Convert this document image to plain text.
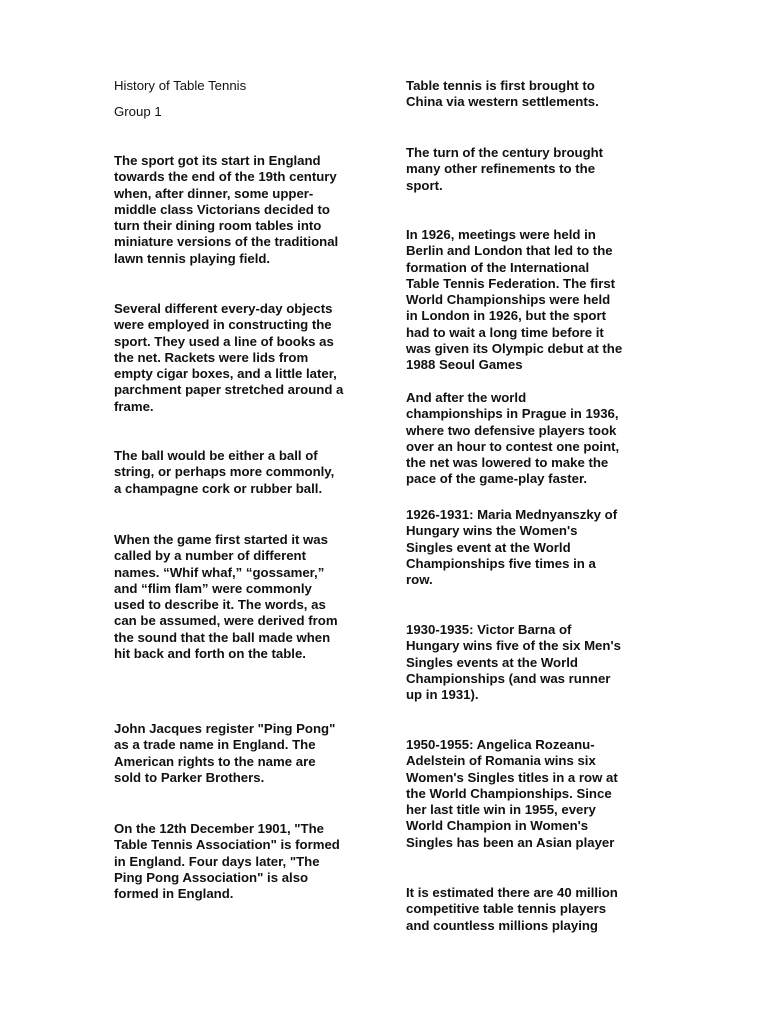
History of Table Tennis

Group 1

The sport got its start in England
towards the end of the 19th century
when, after dinner, some upper-
middle class Victorians decided to
turn their dining room tables into
miniature versions of the traditional
lawn tennis playing field.

Several different every-day objects
were employed in constructing the
sport. They used a line of books as
the net. Rackets were lids from
empty cigar boxes, and a little later,
parchment paper stretched around a
frame.

The ball would be either a ball of
string, or perhaps more commonly,
a champagne cork or rubber ball.

When the game first started it was
called by a number of different
names. “Whif whaf,” “gossamer,”
and “flim flam” were commonly
used to describe it. The words, as
can be assumed, were derived from
the sound that the ball made when
hit back and forth on the table.

John Jacques register "Ping Pong"
as a trade name in England. The
American rights to the name are
sold to Parker Brothers.

On the 12th December 1901, "The
Table Tennis Association" is formed
in England. Four days later, "The
Ping Pong Association" is also
formed in England.

Table tennis is first brought to
China via western settlements.

The turn of the century brought
many other refinements to the
sport.

In 1926, meetings were held in
Berlin and London that led to the
formation of the International
Table Tennis Federation. The first
World Championships were held
in London in 1926, but the sport
had to wait a long time before it
was given its Olympic debut at the
1988 Seoul Games

And after the world
championships in Prague in 1936,
where two defensive players took
over an hour to contest one point,
the net was lowered to make the
pace of the game-play faster.

1926-1931: Maria Mednyanszky of
Hungary wins the Women's
Singles event at the World
Championships five times in a
row.

1930-1935: Victor Barna of
Hungary wins five of the six Men's
Singles events at the World
Championships (and was runner
up in 1931).

1950-1955: Angelica Rozeanu-
Adelstein of Romania wins six
Women's Singles titles in a row at
the World Championships. Since
her last title win in 1955, every
World Champion in Women's
Singles has been an Asian player

It is estimated there are 40 million
competitive table tennis players
and countless millions playing
